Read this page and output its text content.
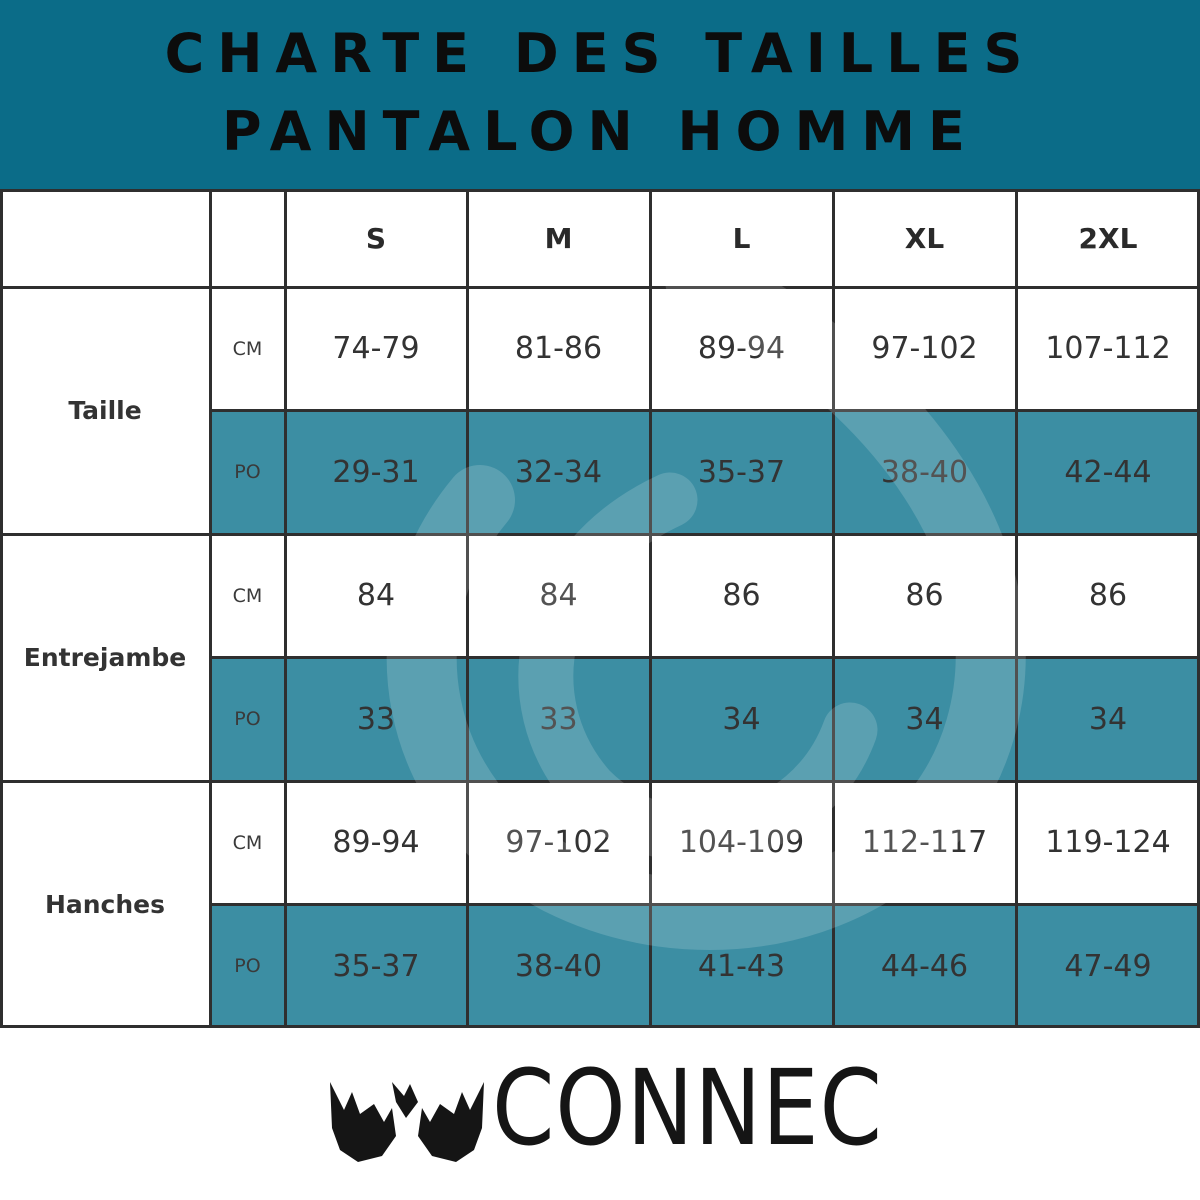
CHARTE DES TAILLES
PANTALON HOMME
S	M	L	XL	2XL
Taille
CM 74-79	81-86	89-94	97-102 107-112
PO 29-31	32-34	35-37	38-40	42-44
Entrejambe
CM	84	84	86	86	86
PO	33	33	34	34	34
Hanches
CM 89-94	97-102 104-109 112-117 119-124
PO 35-37	38-40	41-43	44-46	47-49
CONNEC
